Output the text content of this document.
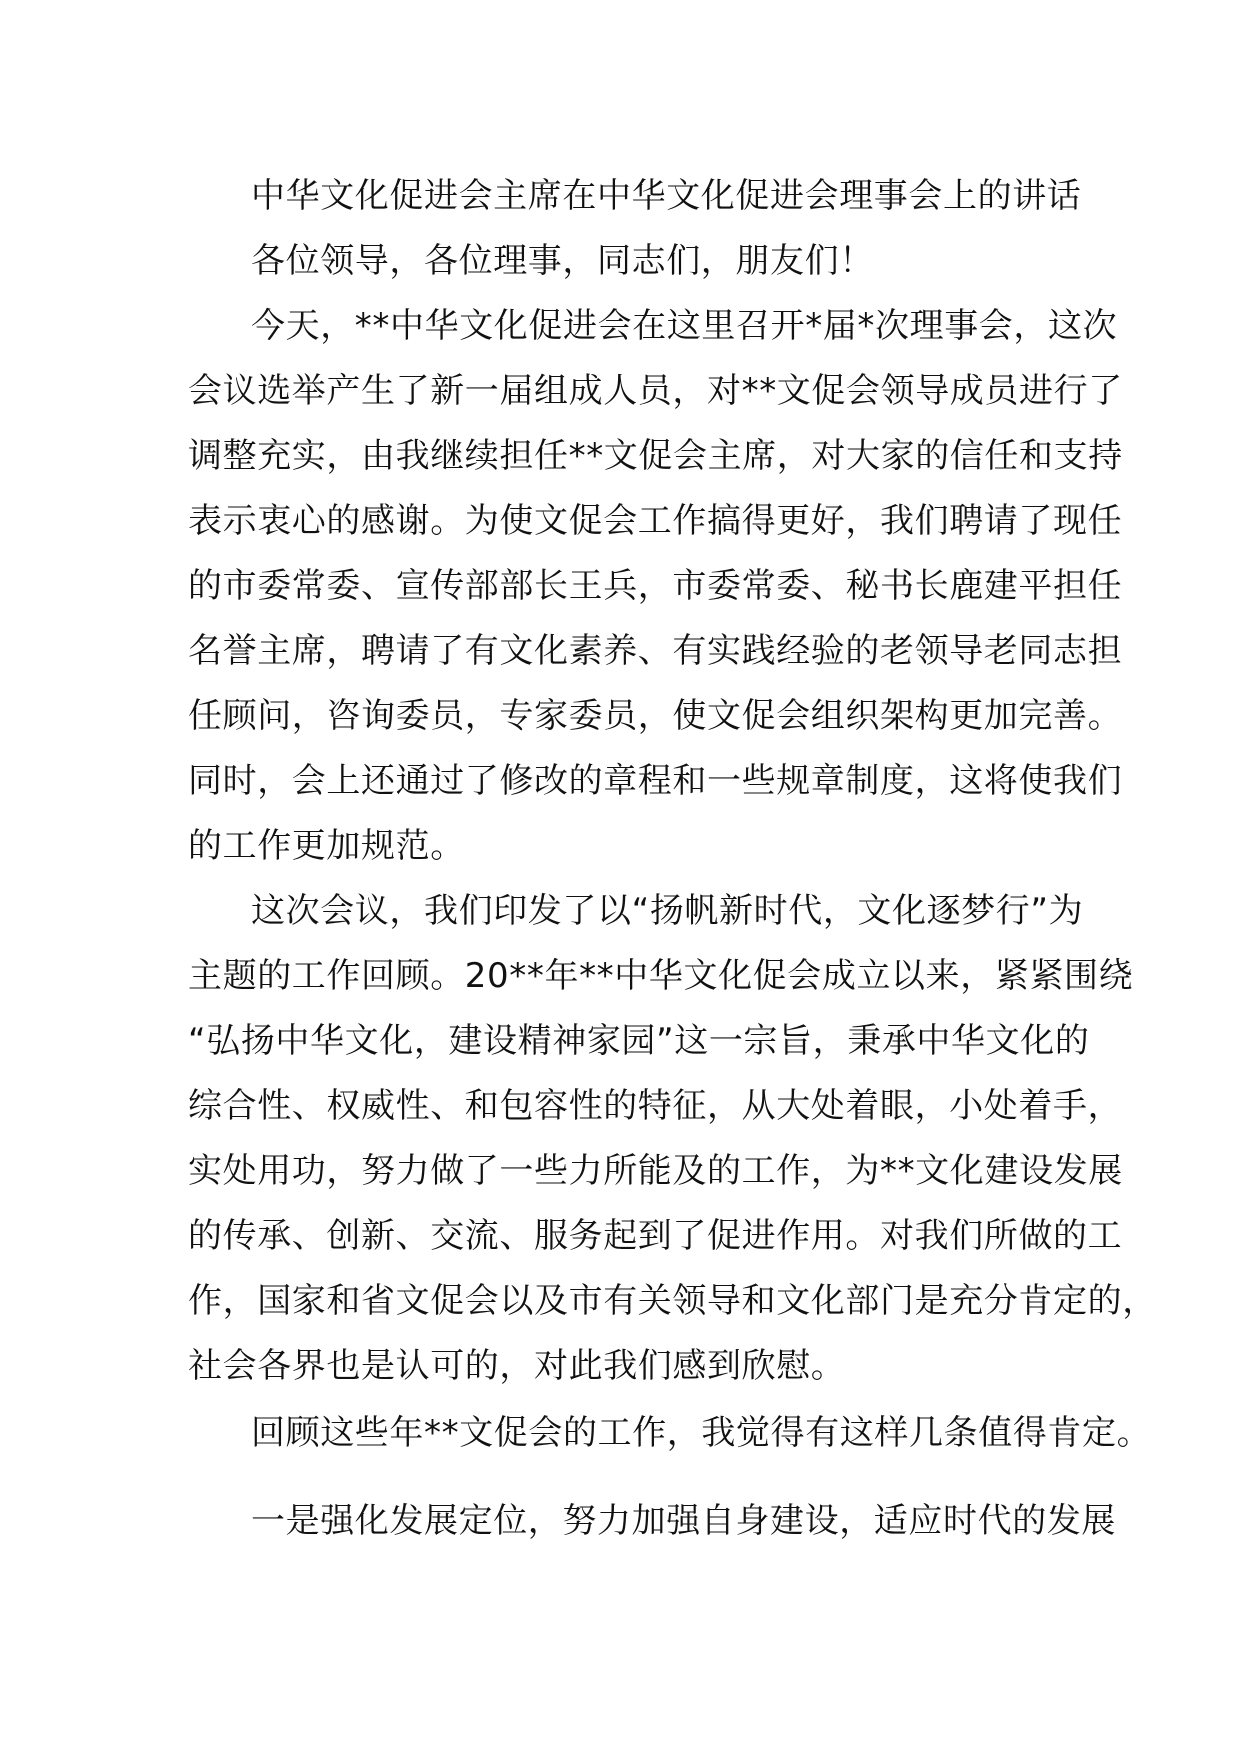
中华文化促进会主席在中华文化促进会理事会上的讲话
各位领导，各位理事，同志们，朋友们！
今天，**中华文化促进会在这里召开*届*次理事会，这次
会议选举产生了新一届组成人员，对**文促会领导成员进行了
调整充实，由我继续担任**文促会主席，对大家的信任和支持
表示衷心的感谢。为使文促会工作搞得更好，我们聘请了现任
的市委常委、宣传部部长王兵，市委常委、秘书长鹿建平担任
名誉主席，聘请了有文化素养、有实践经验的老领导老同志担
任顾问，咨询委员，专家委员，使文促会组织架构更加完善。
同时，会上还通过了修改的章程和一些规章制度，这将使我们
的工作更加规范。
这次会议，我们印发了以“扬帆新时代，文化逐梦行”为
主题的工作回顾。20**年**中华文化促会成立以来，紧紧围绕
“弘扬中华文化，建设精神家园”这一宗旨，秉承中华文化的
综合性、权威性、和包容性的特征，从大处着眼，小处着手，
实处用功，努力做了一些力所能及的工作，为**文化建设发展
的传承、创新、交流、服务起到了促进作用。对我们所做的工
作，国家和省文促会以及市有关领导和文化部门是充分肯定的，
社会各界也是认可的，对此我们感到欣慰。
回顾这些年**文促会的工作，我觉得有这样几条值得肯定。
一是强化发展定位，努力加强自身建设，适应时代的发展
